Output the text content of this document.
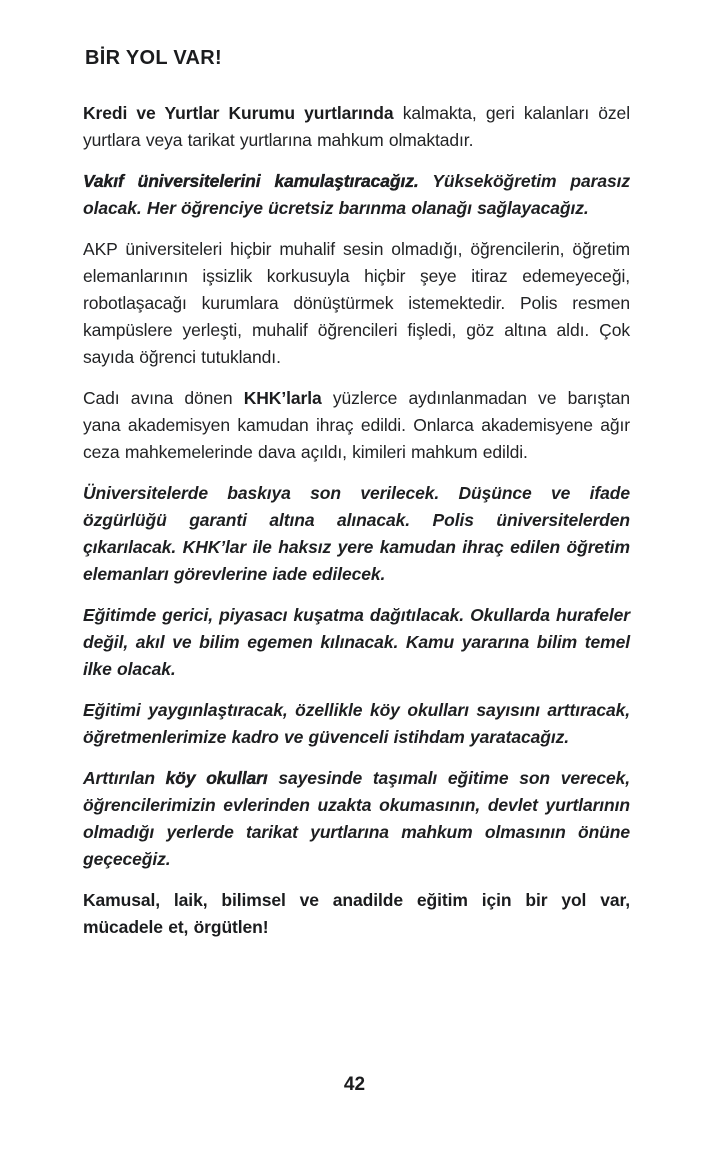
BİR YOL VAR!

Kredi ve Yurtlar Kurumu yurtlarında kalmakta, geri kalanları özel yurtlara veya tarikat yurtlarına mahkum olmaktadır.

Vakıf üniversitelerini kamulaştıracağız. Yükseköğretim parasız olacak. Her öğrenciye ücretsiz barınma olanağı sağlayacağız.

AKP üniversiteleri hiçbir muhalif sesin olmadığı, öğrencilerin, öğretim elemanlarının işsizlik korkusuyla hiçbir şeye itiraz edemeyeceği, robotlaşacağı kurumlara dönüştürmek istemektedir. Polis resmen kampüslere yerleşti, muhalif öğrencileri fişledi, göz altına aldı. Çok sayıda öğrenci tutuklandı.

Cadı avına dönen KHK’larla yüzlerce aydınlanmadan ve barıştan yana akademisyen kamudan ihraç edildi. Onlarca akademisyene ağır ceza mahkemelerinde dava açıldı, kimileri mahkum edildi.

Üniversitelerde baskıya son verilecek. Düşünce ve ifade özgürlüğü garanti altına alınacak. Polis üniversitelerden çıkarılacak. KHK’lar ile haksız yere kamudan ihraç edilen öğretim elemanları görevlerine iade edilecek.

Eğitimde gerici, piyasacı kuşatma dağıtılacak. Okullarda hurafeler değil, akıl ve bilim egemen kılınacak. Kamu yararına bilim temel ilke olacak.

Eğitimi yaygınlaştıracak, özellikle köy okulları sayısını arttıracak, öğretmenlerimize kadro ve güvenceli istihdam yaratacağız.

Arttırılan köy okulları sayesinde taşımalı eğitime son verecek, öğrencilerimizin evlerinden uzakta okumasının, devlet yurtlarının olmadığı yerlerde tarikat yurtlarına mahkum olmasının önüne geçeceğiz.

Kamusal, laik, bilimsel ve anadilde eğitim için bir yol var, mücadele et, örgütlen!

42
